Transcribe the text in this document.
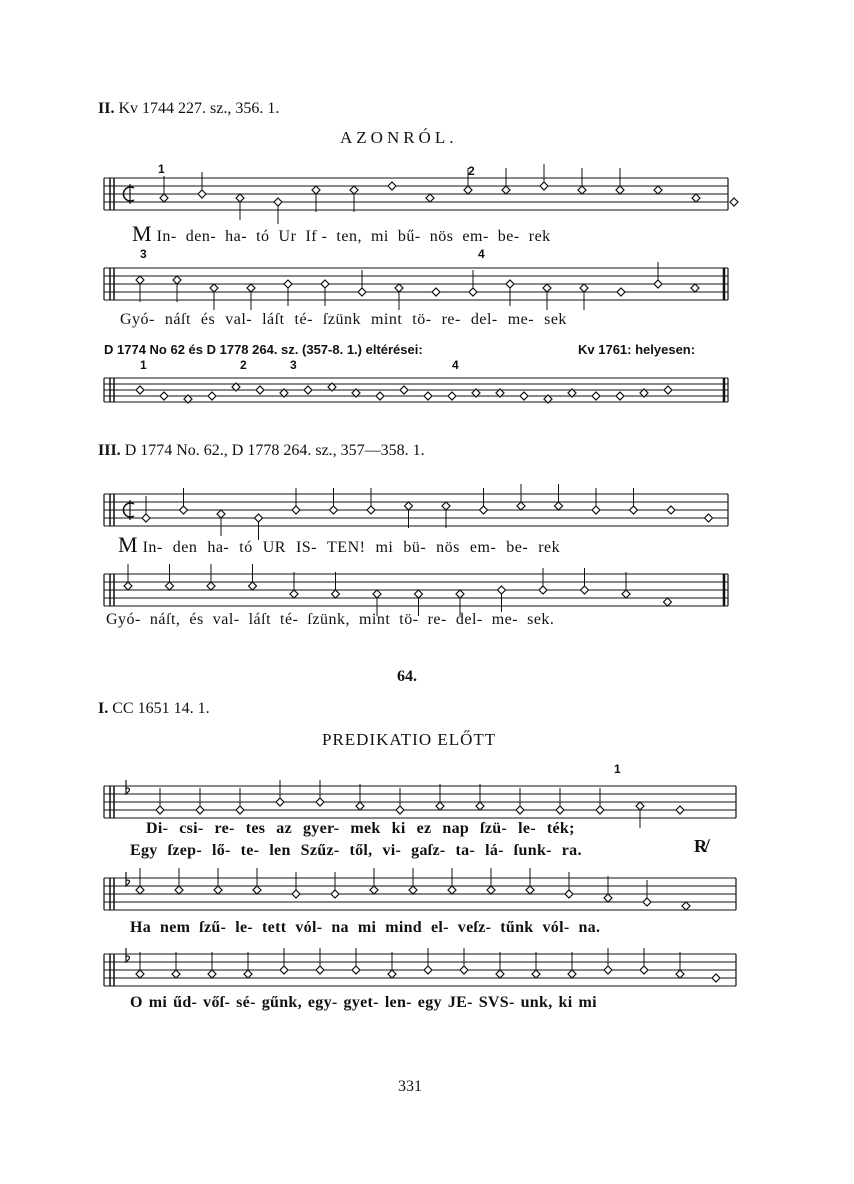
II. Kv 1744 227. sz., 356. 1.
AZONRÓL.
1	2
M In- den- ha- tó Ur If - ten, mi bű- nös em- be- rek
3	4
Gyó- náſt és val- láſt té- ſzünk mint tö- re- del- me- sek
D 1774 No 62 és D 1778 264. sz. (357-8. 1.) eltérései:	Kv 1761: helyesen:
1	2	3	4
III. D 1774 No. 62., D 1778 264. sz., 357—358. 1.
M In- den ha- tó UR IS- TEN! mi bü- nös em- be- rek
Gyó- náſt, és val- láſt té- ſzünk, mint tö- re- del- me- sek.
64.
I. CC 1651 14. 1.
PREDIKATIO ELŐTT
1
Di- csi- re- tes az gyer- mek ki ez nap ſzü- le- ték;
Egy ſzep- lő- te- len Szűz- től, vi- gaſz- ta- lá- ſunk- ra.	R̸
Ha nem ſzű- le- tett vól- na mi mind el- veſz- tűnk vól- na.
O mi űd- vőſ- sé- gűnk, egy- gyet- len- egy JE- SVS- unk, ki mi
331
